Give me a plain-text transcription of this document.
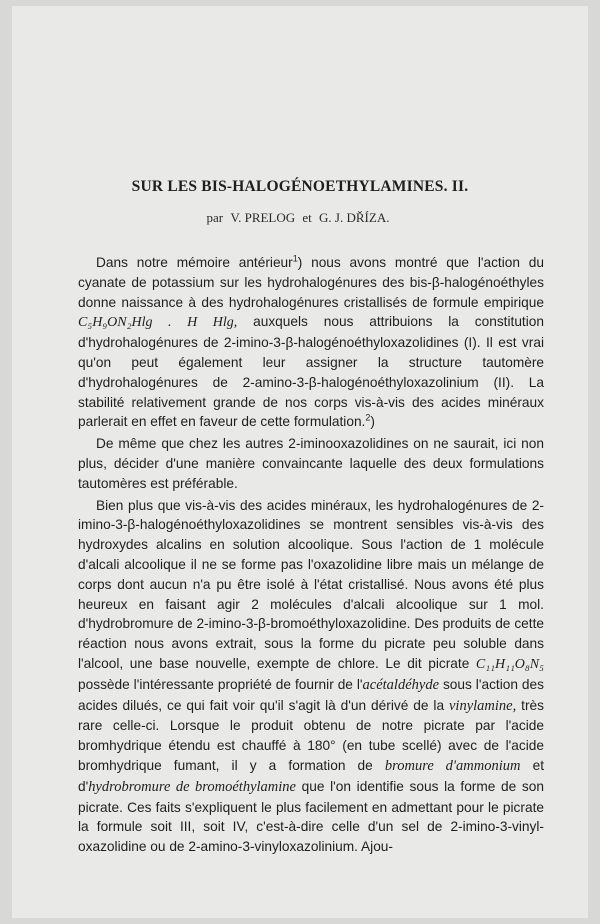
SUR LES BIS-HALOGÉNOETHYLAMINES. II.
par V. PRELOG et G. J. DŘÍZA.

Dans notre mémoire antérieur$^1$) nous avons montré que l'action du cyanate de potassium sur les hydrohalogénures des bis-β-halogénoéthyles donne naissance à des hydrohalogénures cristallisés de formule empirique C₅H₉ON₂Hlg . H Hlg, auxquels nous attribuions la constitution d'hydrohalogénures de 2-imino-3-β-halogénoéthyloxazolidines (I). Il est vrai qu'on peut également leur assigner la structure tautomère d'hydrohalogénures de 2-amino-3-β-halogénoéthyloxazolinium (II). La stabilité relativement grande de nos corps vis-à-vis des acides minéraux parlerait en effet en faveur de cette formulation.$^2$)

De même que chez les autres 2-iminooxazolidines on ne saurait, ici non plus, décider d'une manière convaincante laquelle des deux formulations tautomères est préférable.

Bien plus que vis-à-vis des acides minéraux, les hydrohalogénures de 2-imino-3-β-halogénoéthyloxazolidines se montrent sensibles vis-à-vis des hydroxydes alcalins en solution alcoolique. Sous l'action de 1 molécule d'alcali alcoolique il ne se forme pas l'oxazolidine libre mais un mélange de corps dont aucun n'a pu être isolé à l'état cristallisé. Nous avons été plus heureux en faisant agir 2 molécules d'alcali alcoolique sur 1 mol. d'hydrobromure de 2-imino-3-β-bromoéthyloxazolidine. Des produits de cette réaction nous avons extrait, sous la forme du picrate peu soluble dans l'alcool, une base nouvelle, exempte de chlore. Le dit picrate C₁₁H₁₁O₈N₅ possède l'intéressante propriété de fournir de l'acétaldéhyde sous l'action des acides dilués, ce qui fait voir qu'il s'agit là d'un dérivé de la vinylamine, très rare celle-ci. Lorsque le produit obtenu de notre picrate par l'acide bromhydrique étendu est chauffé à 180° (en tube scellé) avec de l'acide bromhydrique fumant, il y a formation de bromure d'ammonium et d'hydrobromure de bromoéthylamine que l'on identifie sous la forme de son picrate. Ces faits s'expliquent le plus facilement en admettant pour le picrate la formule soit III, soit IV, c'est-à-dire celle d'un sel de 2-imino-3-vinyl-oxazolidine ou de 2-amino-3-vinyloxazolinium. Ajou-
